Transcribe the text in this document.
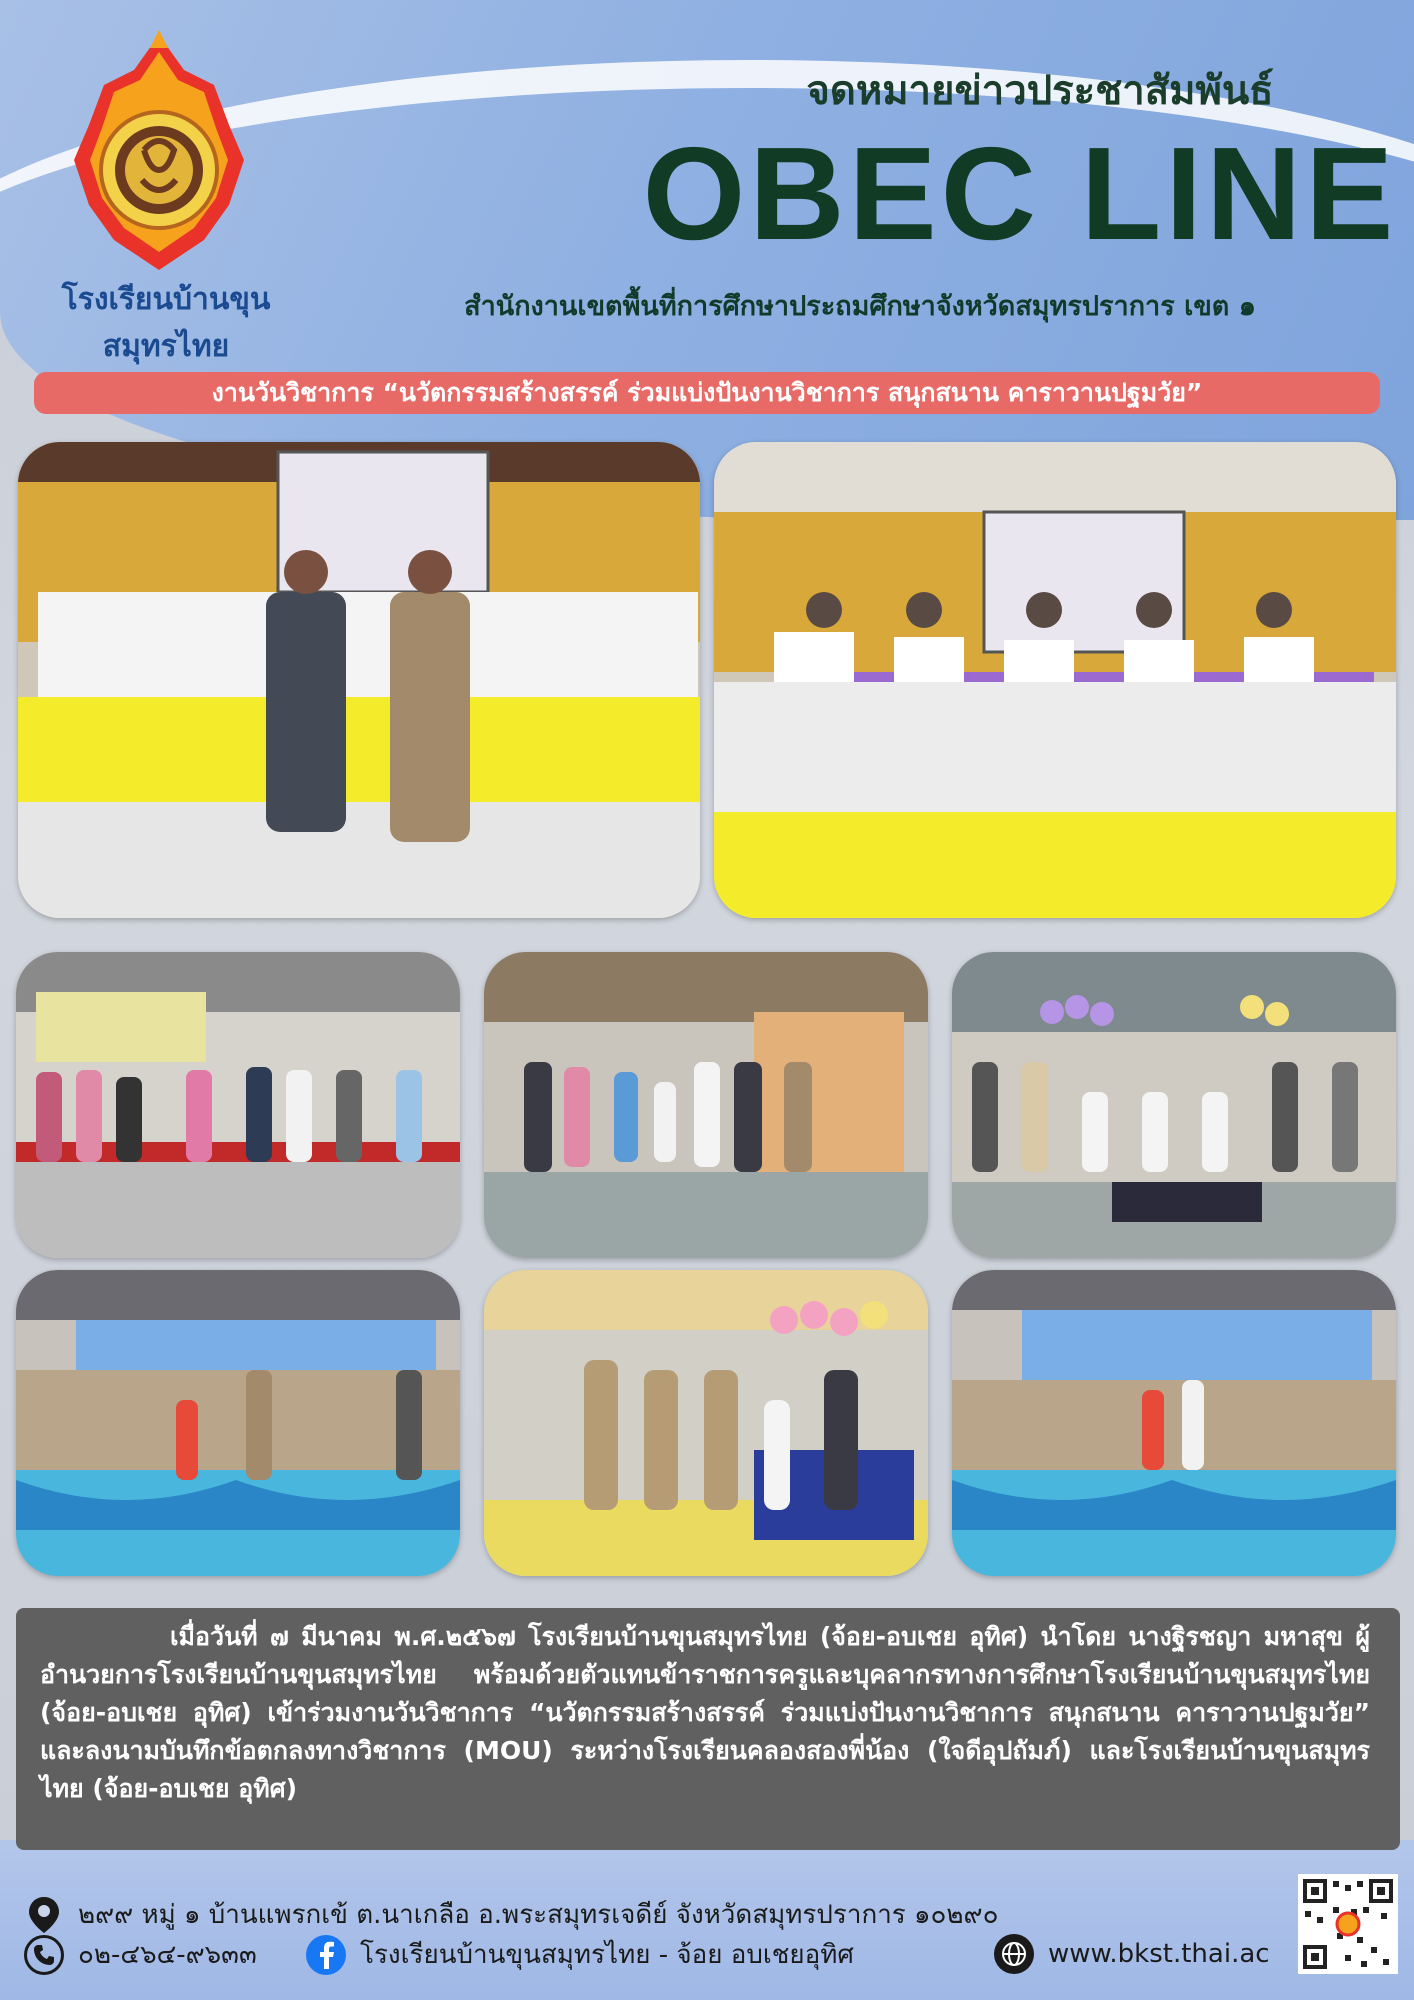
โรงเรียนบ้านขุนสมุทรไทย
จดหมายข่าวประชาสัมพันธ์
OBEC LINE
สำนักงานเขตพื้นที่การศึกษาประถมศึกษาจังหวัดสมุทรปราการ เขต ๑
งานวันวิชาการ “นวัตกรรมสร้างสรรค์ ร่วมแบ่งปันงานวิชาการ สนุกสนาน คาราวานปฐมวัย”

เมื่อวันที่ ๗ มีนาคม พ.ศ.๒๕๖๗ โรงเรียนบ้านขุนสมุทรไทย (จ้อย-อบเชย อุทิศ) นำโดย นางฐิรชญา มหาสุข ผู้อำนวยการโรงเรียนบ้านขุนสมุทรไทย พร้อมด้วยตัวแทนข้าราชการครูและบุคลากรทางการศึกษาโรงเรียนบ้านขุนสมุทรไทย (จ้อย-อบเชย อุทิศ) เข้าร่วมงานวันวิชาการ “นวัตกรรมสร้างสรรค์ ร่วมแบ่งปันงานวิชาการ สนุกสนาน คาราวานปฐมวัย” และลงนามบันทึกข้อตกลงทางวิชาการ (MOU) ระหว่างโรงเรียนคลองสองพี่น้อง (ใจดีอุปถัมภ์) และโรงเรียนบ้านขุนสมุทรไทย (จ้อย-อบเชย อุทิศ)

๒๙๙ หมู่ ๑ บ้านแพรกเข้ ต.นาเกลือ อ.พระสมุทรเจดีย์ จังหวัดสมุทรปราการ ๑๐๒๙๐
๐๒-๔๖๔-๙๖๓๓	โรงเรียนบ้านขุนสมุทรไทย - จ้อย อบเชยอุทิศ	www.bkst.thai.ac
